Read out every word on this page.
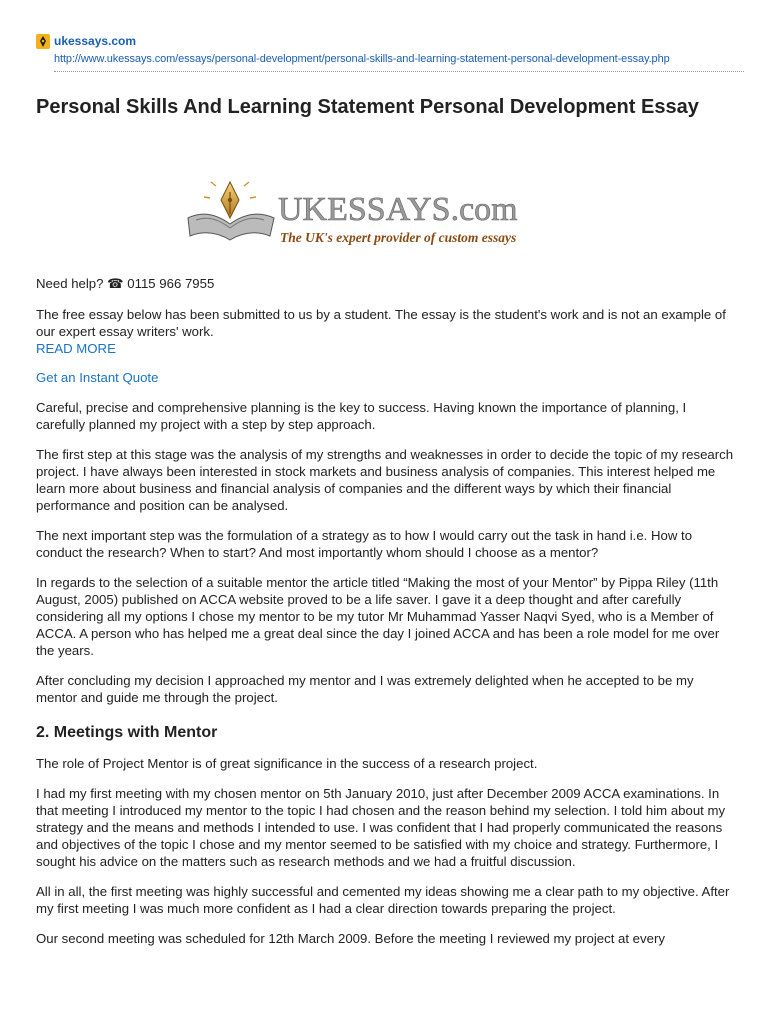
ukessays.com
http://www.ukessays.com/essays/personal-development/personal-skills-and-learning-statement-personal-development-essay.php
Personal Skills And Learning Statement Personal Development Essay
UKESSAYS.com
The UK's expert provider of custom essays

Need help? ☎ 0115 966 7955

The free essay below has been submitted to us by a student. The essay is the student's work and is not an example of our expert essay writers' work.
READ MORE

Get an Instant Quote

Careful, precise and comprehensive planning is the key to success. Having known the importance of planning, I carefully planned my project with a step by step approach.

The first step at this stage was the analysis of my strengths and weaknesses in order to decide the topic of my research project. I have always been interested in stock markets and business analysis of companies. This interest helped me learn more about business and financial analysis of companies and the different ways by which their financial performance and position can be analysed.

The next important step was the formulation of a strategy as to how I would carry out the task in hand i.e. How to conduct the research? When to start? And most importantly whom should I choose as a mentor?

In regards to the selection of a suitable mentor the article titled “Making the most of your Mentor” by Pippa Riley (11th August, 2005) published on ACCA website proved to be a life saver. I gave it a deep thought and after carefully considering all my options I chose my mentor to be my tutor Mr Muhammad Yasser Naqvi Syed, who is a Member of ACCA. A person who has helped me a great deal since the day I joined ACCA and has been a role model for me over the years.

After concluding my decision I approached my mentor and I was extremely delighted when he accepted to be my mentor and guide me through the project.

2. Meetings with Mentor

The role of Project Mentor is of great significance in the success of a research project.

I had my first meeting with my chosen mentor on 5th January 2010, just after December 2009 ACCA examinations. In that meeting I introduced my mentor to the topic I had chosen and the reason behind my selection. I told him about my strategy and the means and methods I intended to use. I was confident that I had properly communicated the reasons and objectives of the topic I chose and my mentor seemed to be satisfied with my choice and strategy. Furthermore, I sought his advice on the matters such as research methods and we had a fruitful discussion.

All in all, the first meeting was highly successful and cemented my ideas showing me a clear path to my objective. After my first meeting I was much more confident as I had a clear direction towards preparing the project.

Our second meeting was scheduled for 12th March 2009. Before the meeting I reviewed my project at every
